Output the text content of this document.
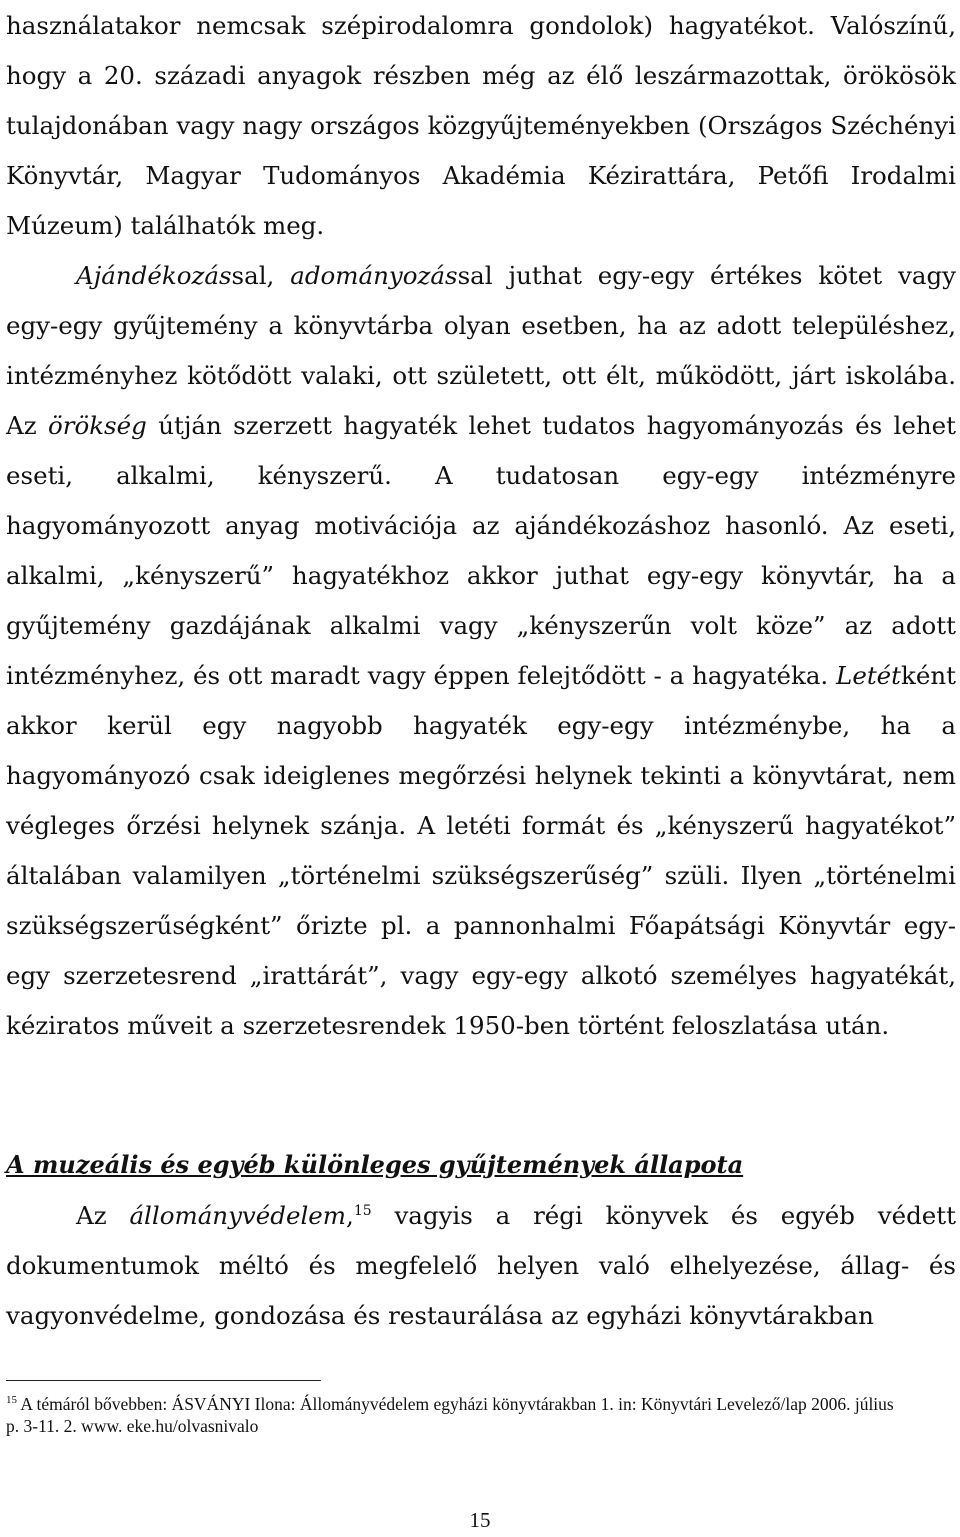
használatakor nemcsak szépirodalomra gondolok) hagyatékot. Valószínű, hogy a 20. századi anyagok részben még az élő leszármazottak, örökösök tulajdonában vagy nagy országos közgyűjteményekben (Országos Széchényi Könyvtár, Magyar Tudományos Akadémia Kézirattára, Petőfi Irodalmi Múzeum) találhatók meg.
Ajándékozással, adományozással juthat egy-egy értékes kötet vagy egy-egy gyűjtemény a könyvtárba olyan esetben, ha az adott településhez, intézményhez kötődött valaki, ott született, ott élt, működött, járt iskolába. Az örökség útján szerzett hagyaték lehet tudatos hagyományozás és lehet eseti, alkalmi, kényszerű. A tudatosan egy-egy intézményre hagyományozott anyag motivációja az ajándékozáshoz hasonló. Az eseti, alkalmi, „kényszerű” hagyatékhoz akkor juthat egy-egy könyvtár, ha a gyűjtemény gazdájának alkalmi vagy „kényszerűn volt köze” az adott intézményhez, és ott maradt vagy éppen felejtődött - a hagyatéka. Letétként akkor kerül egy nagyobb hagyaték egy-egy intézménybe, ha a hagyományozó csak ideiglenes megőrzési helynek tekinti a könyvtárat, nem végleges őrzési helynek szánja. A letéti formát és „kényszerű hagyatékot” általában valamilyen „történelmi szükségszerűség” szüli. Ilyen „történelmi szükségszerűségként” őrizte pl. a pannonhalmi Főapátsági Könyvtár egy-egy szerzetesrend „irattárát”, vagy egy-egy alkotó személyes hagyatékát, kéziratos műveit a szerzetesrendek 1950-ben történt feloszlatása után.

A muzeális és egyéb különleges gyűjtemények állapota

Az állományvédelem,$^{15}$ vagyis a régi könyvek és egyéb védett dokumentumok méltó és megfelelő helyen való elhelyezése, állag- és vagyonvédelme, gondozása és restaurálása az egyházi könyvtárakban

$^{15}$ A témáról bővebben: ÁSVÁNYI Ilona: Állományvédelem egyházi könyvtárakban 1. in: Könyvtári Levelező/lap 2006. július p. 3-11. 2. www. eke.hu/olvasnivalo

15
